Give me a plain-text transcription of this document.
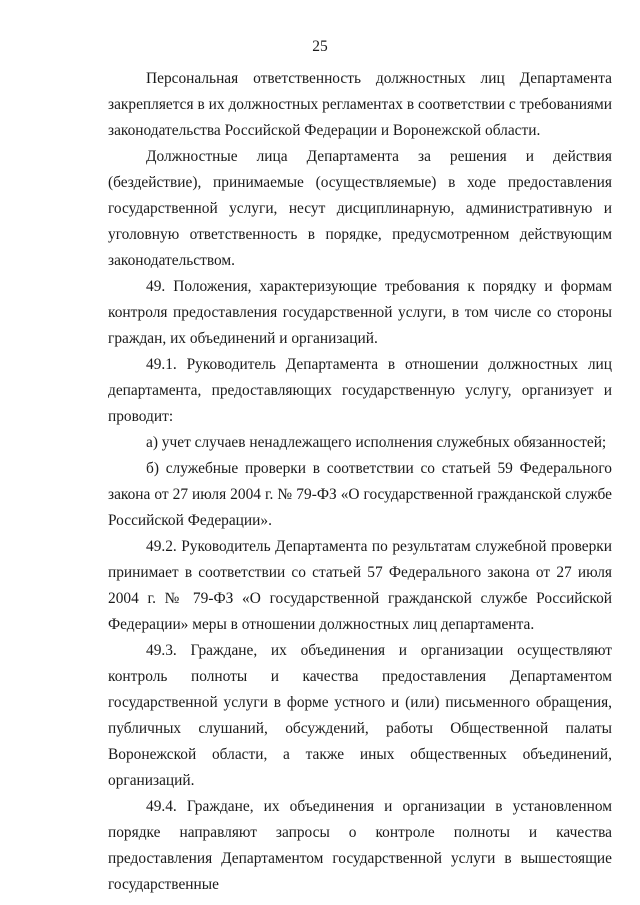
25

Персональная ответственность должностных лиц Департамента закрепляется в их должностных регламентах в соответствии с требованиями законодательства Российской Федерации и Воронежской области.

Должностные лица Департамента за решения и действия (бездействие), принимаемые (осуществляемые) в ходе предоставления государственной услуги, несут дисциплинарную, административную и уголовную ответственность в порядке, предусмотренном действующим законодательством.

49. Положения, характеризующие требования к порядку и формам контроля предоставления государственной услуги, в том числе со стороны граждан, их объединений и организаций.

49.1. Руководитель Департамента в отношении должностных лиц департамента, предоставляющих государственную услугу, организует и проводит:

а) учет случаев ненадлежащего исполнения служебных обязанностей;

б) служебные проверки в соответствии со статьей 59 Федерального закона от 27 июля 2004 г. № 79-ФЗ «О государственной гражданской службе Российской Федерации».

49.2. Руководитель Департамента по результатам служебной проверки принимает в соответствии со статьей 57 Федерального закона от 27 июля 2004 г. № 79-ФЗ «О государственной гражданской службе Российской Федерации» меры в отношении должностных лиц департамента.

49.3. Граждане, их объединения и организации осуществляют контроль полноты и качества предоставления Департаментом государственной услуги в форме устного и (или) письменного обращения, публичных слушаний, обсуждений, работы Общественной палаты Воронежской области, а также иных общественных объединений, организаций.

49.4. Граждане, их объединения и организации в установленном порядке направляют запросы о контроле полноты и качества предоставления Департаментом государственной услуги в вышестоящие государственные
